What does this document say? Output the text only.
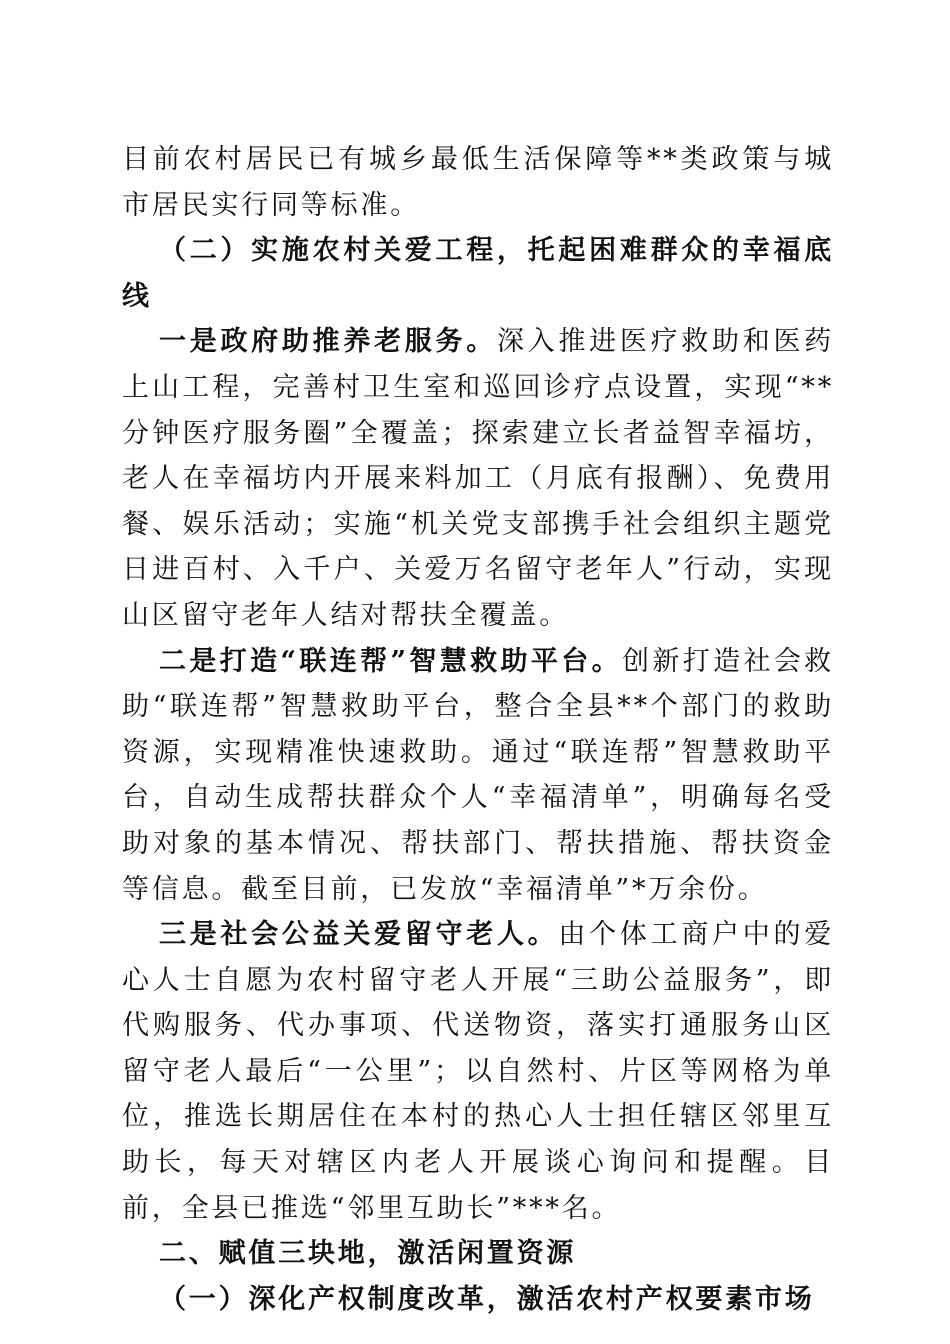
目前农村居民已有城乡最低生活保障等**类政策与城市居民实行同等标准。

（二）实施农村关爱工程，托起困难群众的幸福底线

一是政府助推养老服务。深入推进医疗救助和医药上山工程，完善村卫生室和巡回诊疗点设置，实现“**分钟医疗服务圈”全覆盖；探索建立长者益智幸福坊，老人在幸福坊内开展来料加工（月底有报酬）、免费用餐、娱乐活动；实施“机关党支部携手社会组织主题党日进百村、入千户、关爱万名留守老年人”行动，实现山区留守老年人结对帮扶全覆盖。

二是打造“联连帮”智慧救助平台。创新打造社会救助“联连帮”智慧救助平台，整合全县**个部门的救助资源，实现精准快速救助。通过“联连帮”智慧救助平台，自动生成帮扶群众个人“幸福清单”，明确每名受助对象的基本情况、帮扶部门、帮扶措施、帮扶资金等信息。截至目前，已发放“幸福清单”*万余份。

三是社会公益关爱留守老人。由个体工商户中的爱心人士自愿为农村留守老人开展“三助公益服务”，即代购服务、代办事项、代送物资，落实打通服务山区留守老人最后“一公里”；以自然村、片区等网格为单位，推选长期居住在本村的热心人士担任辖区邻里互助长，每天对辖区内老人开展谈心询问和提醒。目前，全县已推选“邻里互助长”***名。

二、赋值三块地，激活闲置资源

（一）深化产权制度改革，激活农村产权要素市场
